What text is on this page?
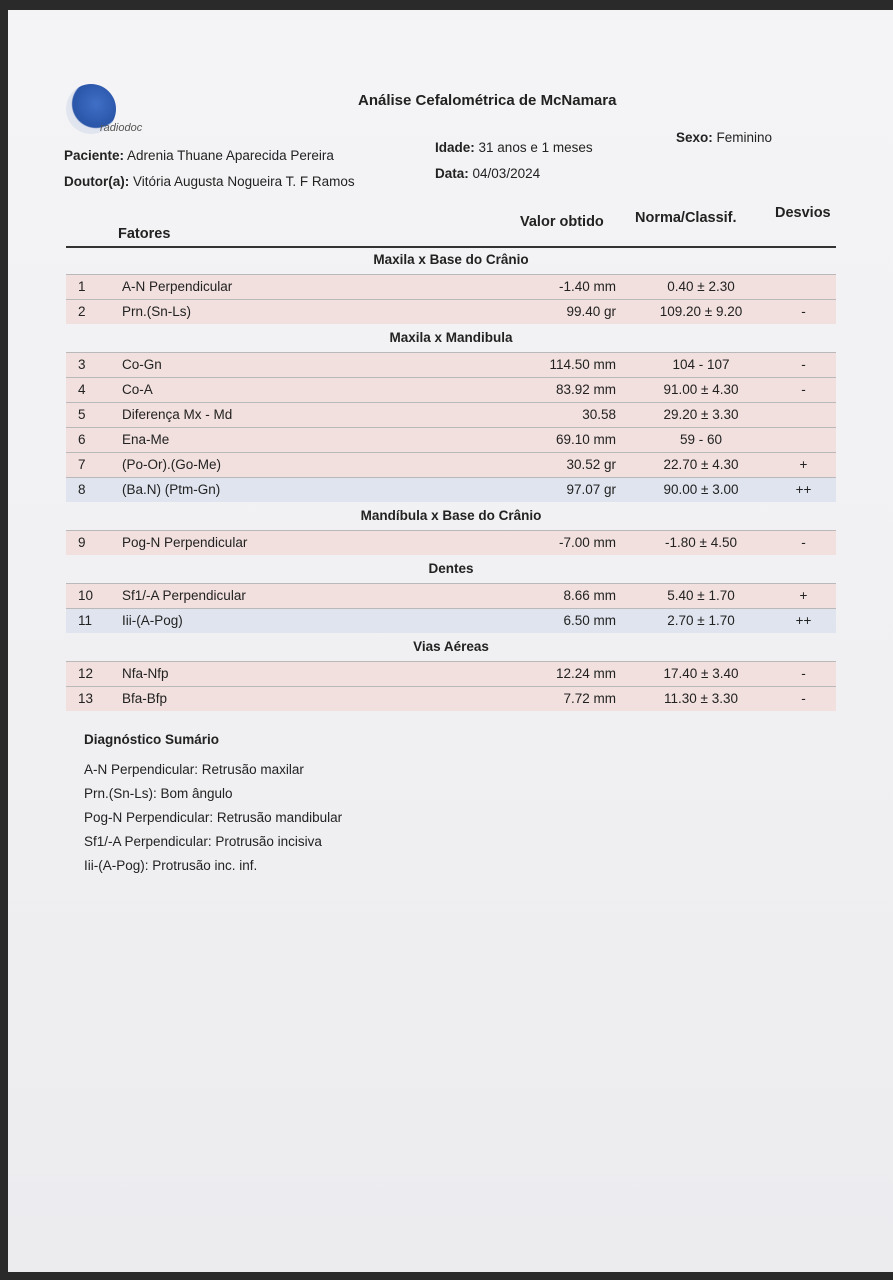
radiodoc
Análise Cefalométrica de McNamara
Paciente: Adrenia Thuane Aparecida Pereira
Doutor(a): Vitória Augusta Nogueira T. F Ramos
Idade: 31 anos e 1 meses
Data: 04/03/2024
Sexo: Feminino
Fatores
Valor obtido Norma/Classif.	Desvios
Maxila x Base do Crânio
1	A-N Perpendicular	-1.40 mm	0.40 ± 2.30
2	Prn.(Sn-Ls)	99.40 gr	109.20 ± 9.20	-
Maxila x Mandibula
3	Co-Gn	114.50 mm	104 - 107	-
4	Co-A	83.92 mm	91.00 ± 4.30	-
5	Diferença Mx - Md	30.58	29.20 ± 3.30
6	Ena-Me	69.10 mm	59 - 60
7	(Po-Or).(Go-Me)	30.52 gr	22.70 ± 4.30	+
8	(Ba.N) (Ptm-Gn)	97.07 gr	90.00 ± 3.00	++
Mandíbula x Base do Crânio
9	Pog-N Perpendicular	-7.00 mm	-1.80 ± 4.50	-
Dentes
10 Sf1/-A Perpendicular	8.66 mm	5.40 ± 1.70	+
11 Iii-(A-Pog)	6.50 mm	2.70 ± 1.70	++
Vias Aéreas
12 Nfa-Nfp	12.24 mm	17.40 ± 3.40	-
13 Bfa-Bfp	7.72 mm	11.30 ± 3.30	-
Diagnóstico Sumário
A-N Perpendicular: Retrusão maxilar
Prn.(Sn-Ls): Bom ângulo
Pog-N Perpendicular: Retrusão mandibular
Sf1/-A Perpendicular: Protrusão incisiva
Iii-(A-Pog): Protrusão inc. inf.
